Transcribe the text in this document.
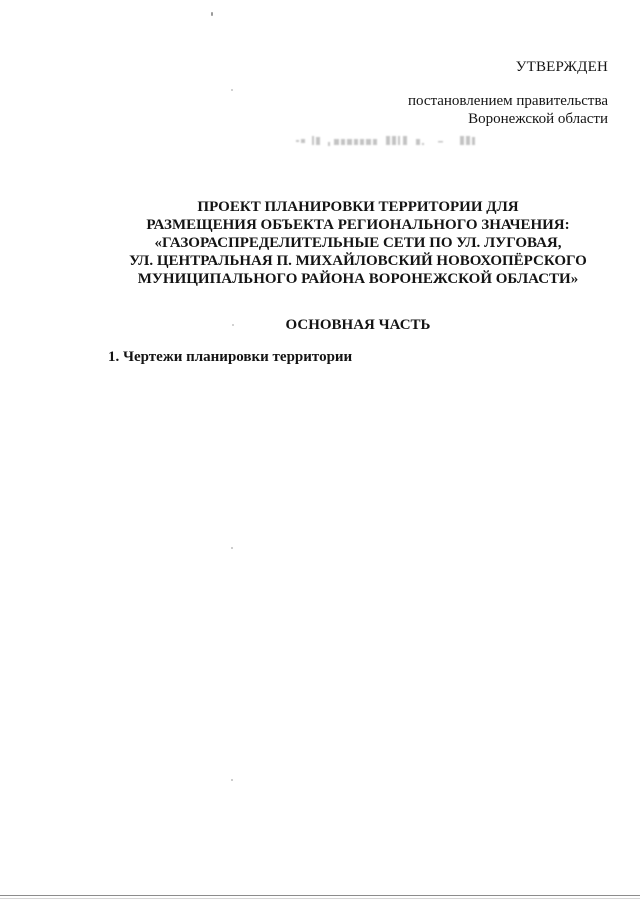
УТВЕРЖДЕН
постановлением правительства
Воронежской области
ПРОЕКТ ПЛАНИРОВКИ ТЕРРИТОРИИ ДЛЯ
РАЗМЕЩЕНИЯ ОБЪЕКТА РЕГИОНАЛЬНОГО ЗНАЧЕНИЯ:
«ГАЗОРАСПРЕДЕЛИТЕЛЬНЫЕ СЕТИ ПО УЛ. ЛУГОВАЯ,
УЛ. ЦЕНТРАЛЬНАЯ П. МИХАЙЛОВСКИЙ НОВОХОПЁРСКОГО
МУНИЦИПАЛЬНОГО РАЙОНА ВОРОНЕЖСКОЙ ОБЛАСТИ»
ОСНОВНАЯ ЧАСТЬ
1. Чертежи планировки территории
